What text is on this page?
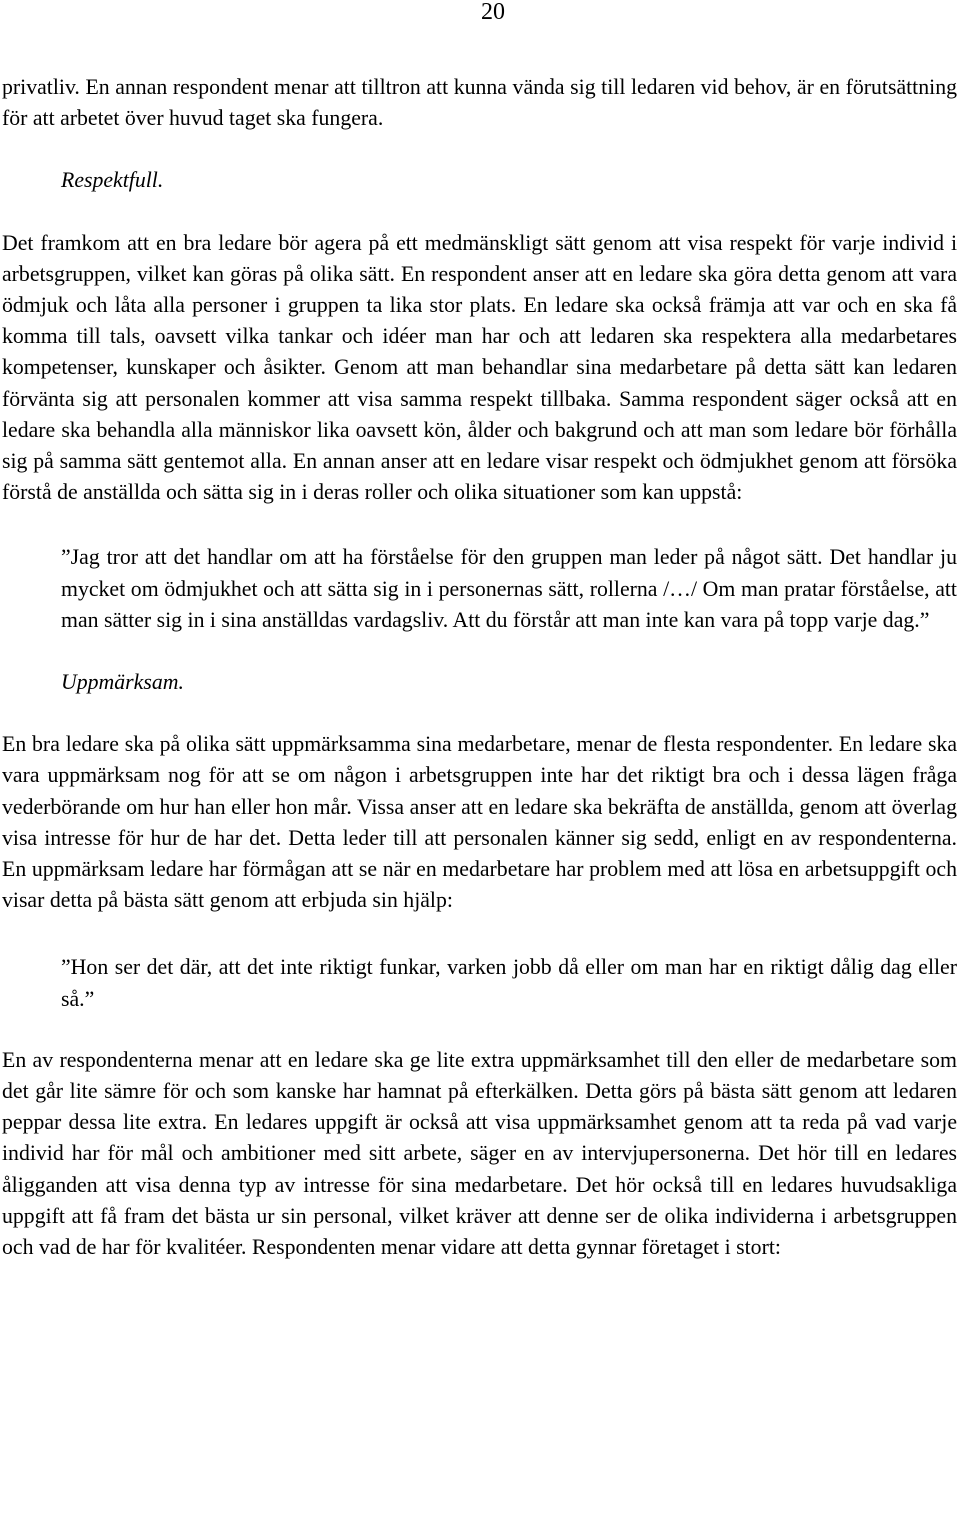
20

privatliv. En annan respondent menar att tilltron att kunna vända sig till ledaren vid behov, är en förutsättning för att arbetet över huvud taget ska fungera.

Respektfull.

Det framkom att en bra ledare bör agera på ett medmänskligt sätt genom att visa respekt för varje individ i arbetsgruppen, vilket kan göras på olika sätt. En respondent anser att en ledare ska göra detta genom att vara ödmjuk och låta alla personer i gruppen ta lika stor plats. En ledare ska också främja att var och en ska få komma till tals, oavsett vilka tankar och idéer man har och att ledaren ska respektera alla medarbetares kompetenser, kunskaper och åsikter. Genom att man behandlar sina medarbetare på detta sätt kan ledaren förvänta sig att personalen kommer att visa samma respekt tillbaka. Samma respondent säger också att en ledare ska behandla alla människor lika oavsett kön, ålder och bakgrund och att man som ledare bör förhålla sig på samma sätt gentemot alla. En annan anser att en ledare visar respekt och ödmjukhet genom att försöka förstå de anställda och sätta sig in i deras roller och olika situationer som kan uppstå:

”Jag tror att det handlar om att ha förståelse för den gruppen man leder på något sätt. Det handlar ju mycket om ödmjukhet och att sätta sig in i personernas sätt, rollerna /…/ Om man pratar förståelse, att man sätter sig in i sina anställdas vardagsliv. Att du förstår att man inte kan vara på topp varje dag.”

Uppmärksam.

En bra ledare ska på olika sätt uppmärksamma sina medarbetare, menar de flesta respondenter. En ledare ska vara uppmärksam nog för att se om någon i arbetsgruppen inte har det riktigt bra och i dessa lägen fråga vederbörande om hur han eller hon mår. Vissa anser att en ledare ska bekräfta de anställda, genom att överlag visa intresse för hur de har det. Detta leder till att personalen känner sig sedd, enligt en av respondenterna. En uppmärksam ledare har förmågan att se när en medarbetare har problem med att lösa en arbetsuppgift och visar detta på bästa sätt genom att erbjuda sin hjälp:

”Hon ser det där, att det inte riktigt funkar, varken jobb då eller om man har en riktigt dålig dag eller så.”

En av respondenterna menar att en ledare ska ge lite extra uppmärksamhet till den eller de medarbetare som det går lite sämre för och som kanske har hamnat på efterkälken. Detta görs på bästa sätt genom att ledaren peppar dessa lite extra. En ledares uppgift är också att visa uppmärksamhet genom att ta reda på vad varje individ har för mål och ambitioner med sitt arbete, säger en av intervjupersonerna. Det hör till en ledares åligganden att visa denna typ av intresse för sina medarbetare. Det hör också till en ledares huvudsakliga uppgift att få fram det bästa ur sin personal, vilket kräver att denne ser de olika individerna i arbetsgruppen och vad de har för kvalitéer. Respondenten menar vidare att detta gynnar företaget i stort:
